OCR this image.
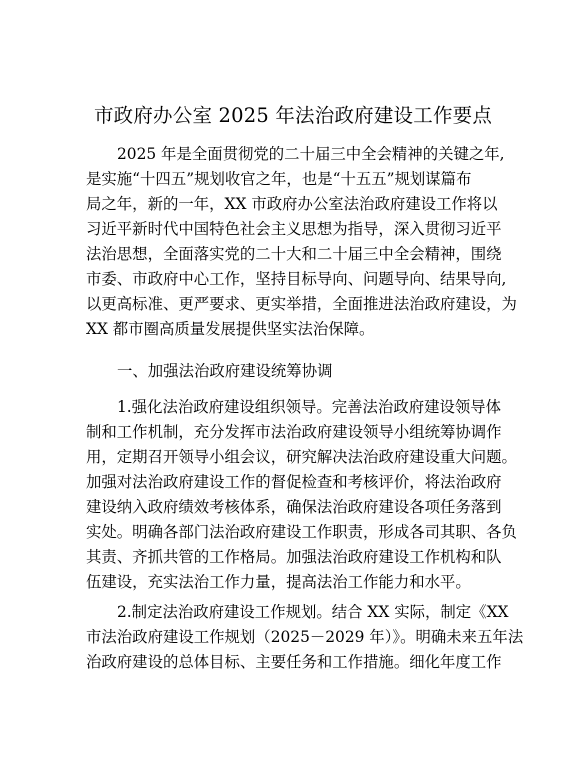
市政府办公室 2025 年法治政府建设工作要点
2025 年是全面贯彻党的二十届三中全会精神的关键之年,
是实施“十四五”规划收官之年，也是“十五五”规划谋篇布
局之年，新的一年，XX 市政府办公室法治政府建设工作将以
习近平新时代中国特色社会主义思想为指导，深入贯彻习近平
法治思想，全面落实党的二十大和二十届三中全会精神，围绕
市委、市政府中心工作，坚持目标导向、问题导向、结果导向,
以更高标准、更严要求、更实举措，全面推进法治政府建设，为
XX 都市圈高质量发展提供坚实法治保障。
一、加强法治政府建设统筹协调
1.强化法治政府建设组织领导。完善法治政府建设领导体
制和工作机制，充分发挥市法治政府建设领导小组统筹协调作
用，定期召开领导小组会议，研究解决法治政府建设重大问题。
加强对法治政府建设工作的督促检查和考核评价，将法治政府
建设纳入政府绩效考核体系，确保法治政府建设各项任务落到
实处。明确各部门法治政府建设工作职责，形成各司其职、各负
其责、齐抓共管的工作格局。加强法治政府建设工作机构和队
伍建设，充实法治工作力量，提高法治工作能力和水平。
2.制定法治政府建设工作规划。结合 XX 实际，制定《XX
市法治政府建设工作规划（2025－2029 年）》。明确未来五年法
治政府建设的总体目标、主要任务和工作措施。细化年度工作
